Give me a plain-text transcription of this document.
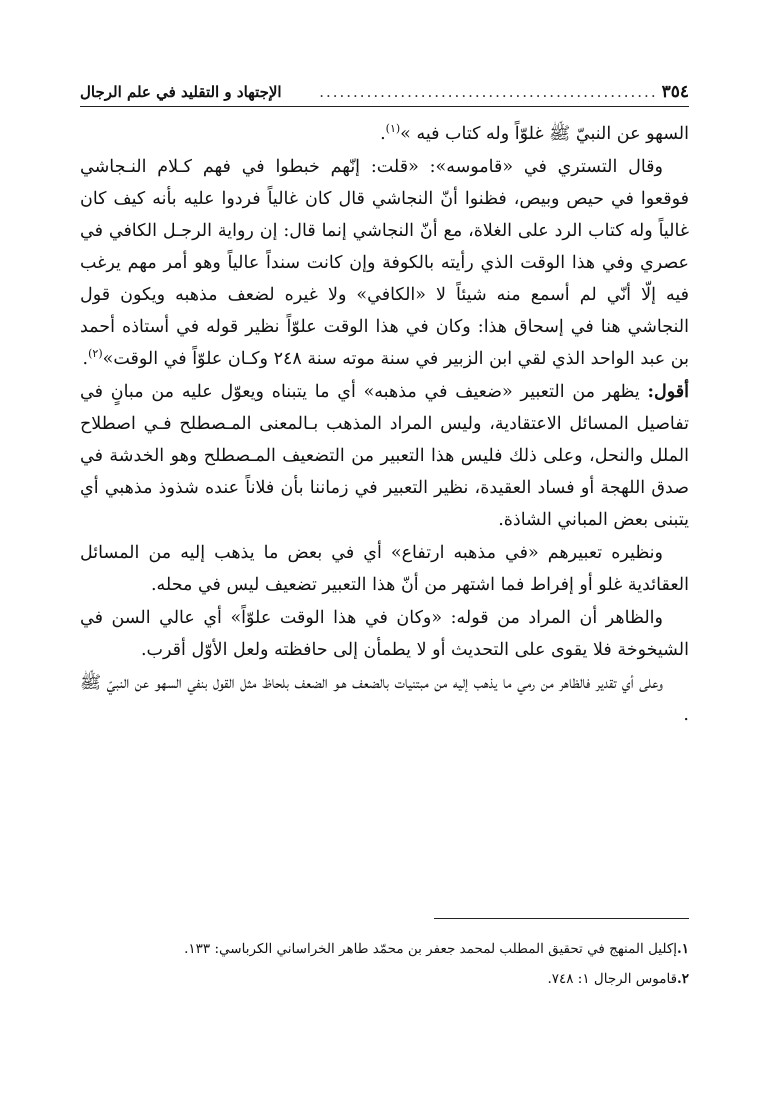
٣٥٤
..................................................
الإجتهاد و التقليد في علم الرجال

السهو عن النبيّ ﷺ غلوّاً وله كتاب فيه »$^{(١)}$.

وقال التستري في «قاموسه»: «قلت: إنّهم خبطوا في فهم كـلام النـجاشي فوقعوا في حيص وبيص، فظنوا أنّ النجاشي قال كان غالياً فردوا عليه بأنه كيف كان غالياً وله كتاب الرد على الغلاة، مع أنّ النجاشي إنما قال: إن رواية الرجـل الكافي في عصري وفي هذا الوقت الذي رأيته بالكوفة وإن كانت سنداً عالياً وهو أمر مهم يرغب فيه إلّا أنّي لم أسمع منه شيئاً لا «الكافي» ولا غيره لضعف مذهبه ويكون قول النجاشي هنا في إسحاق هذا: وكان في هذا الوقت علوّاً نظير قوله في أستاذه أحمد بن عبد الواحد الذي لقي ابن الزبير في سنة موته سنة ٢٤٨ وكـان علوّاً في الوقت»$^{(٢)}$.

أقول: يظهر من التعبير «ضعيف في مذهبه» أي ما يتبناه ويعوّل عليه من مبانٍ في تفاصيل المسائل الاعتقادية، وليس المراد المذهب بـالمعنى المـصطلح فـي اصطلاح الملل والنحل، وعلى ذلك فليس هذا التعبير من التضعيف المـصطلح وهو الخدشة في صدق اللهجة أو فساد العقيدة، نظير التعبير في زماننا بأن فلاناً عنده شذوذ مذهبي أي يتبنى بعض المباني الشاذة.

ونظيره تعبيرهم «في مذهبه ارتفاع» أي في بعض ما يذهب إليه من المسائل العقائدية غلو أو إفراط فما اشتهر من أنّ هذا التعبير تضعيف ليس في محله.

والظاهر أن المراد من قوله: «وكان في هذا الوقت علوّاً» أي عالي السن في الشيخوخة فلا يقوى على التحديث أو لا يطمأن إلى حافظته ولعل الأوّل أقرب.

وعلى أي تقدير فالظاهر من رمي ما يذهب إليه من مبتنيات بالضعف هـو الضعف بلحاظ مثل القول بنفي السهو عن النبيّ ﷺ .

١.إكليل المنهج في تحقيق المطلب لمحمد جعفر بن محمّد طاهر الخراساني الكرباسي: ١٣٣.

٢.قاموس الرجال ١: ٧٤٨.
